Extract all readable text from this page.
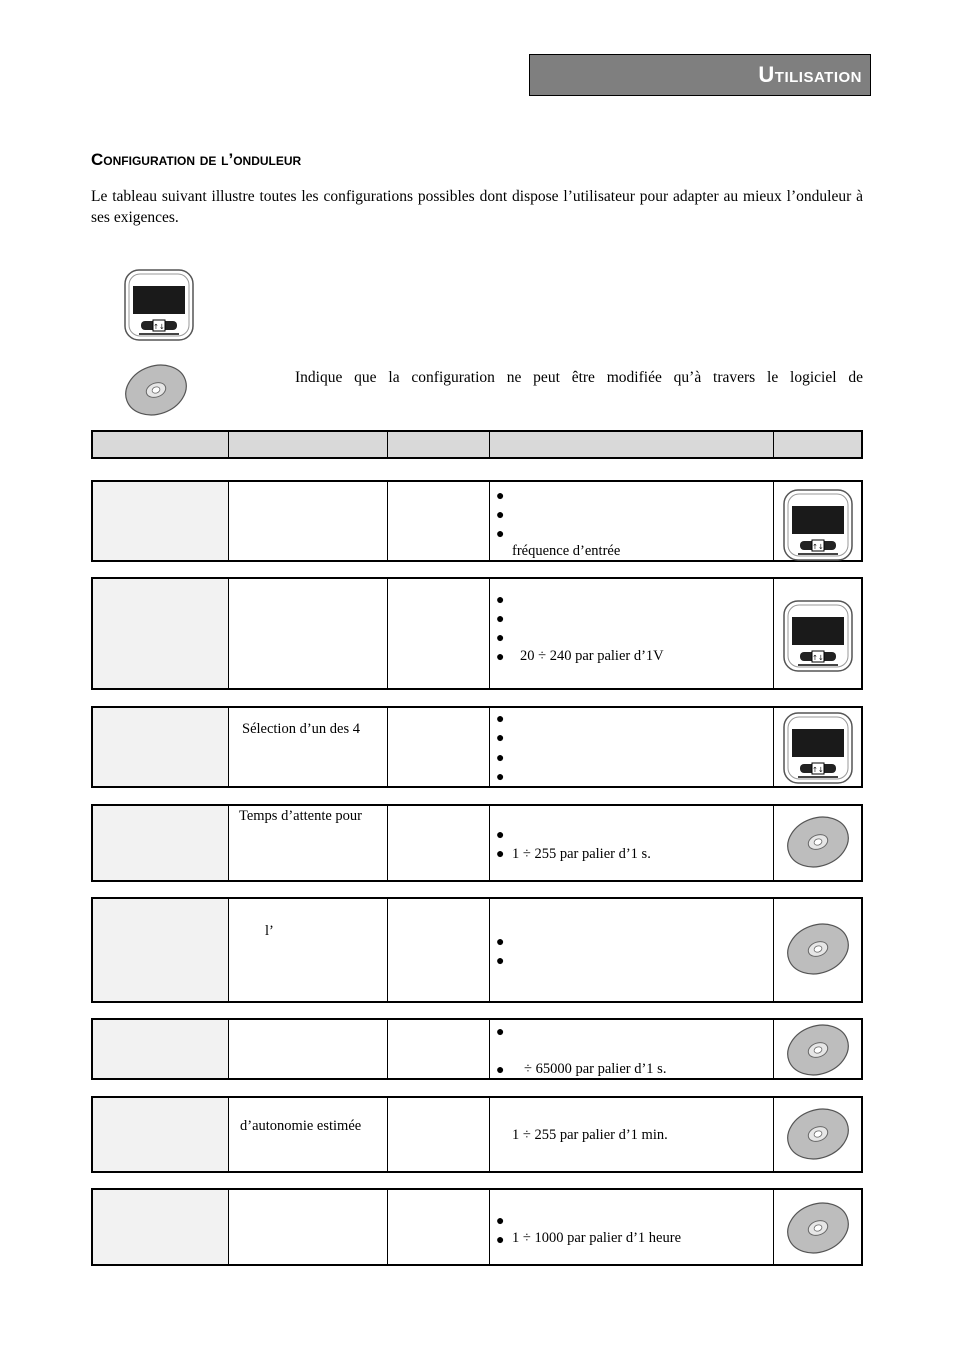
Utilisation
Configuration de l’onduleur
Le tableau suivant illustre toutes les configurations possibles dont dispose l’utilisateur pour adapter au mieux l’onduleur à ses exigences.
Indique que la configuration ne peut être modifiée qu’à travers le logiciel de
●
●
●
fréquence d’entrée
●
●
●
● 20 ÷ 240 par palier d’1V
Sélection d’un des 4
●
●
●
●
Temps d’attente pour
●
● 1 ÷ 255 par palier d’1 s.
l’
●
●
●
● ÷ 65000 par palier d’1 s.
d’autonomie estimée
1 ÷ 255 par palier d’1 min.
●
● 1 ÷ 1000 par palier d’1 heure
